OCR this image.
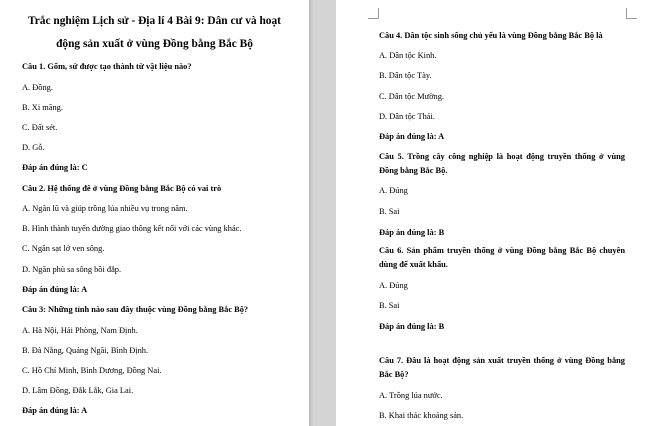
Trắc nghiệm Lịch sử - Địa lí 4 Bài 9: Dân cư và hoạt
động sản xuất ở vùng Đồng bằng Bắc Bộ
Câu 1. Gốm, sứ được tạo thành từ vật liệu nào?
A. Đồng.
B. Xi măng.
C. Đất sét.
D. Gỗ.
Đáp án đúng là: C
Câu 2. Hệ thống đê ở vùng Đồng bằng Bắc Bộ có vai trò
A. Ngăn lũ và giúp trồng lúa nhiều vụ trong năm.
B. Hình thành tuyến đường giao thông kết nối với các vùng khác.
C. Ngăn sạt lở ven sông.
D. Ngăn phù sa sông bồi đắp.
Đáp án đúng là: A
Câu 3: Những tỉnh nào sau đây thuộc vùng Đồng bằng Bắc Bộ?
A. Hà Nội, Hải Phòng, Nam Định.
B. Đà Nẵng, Quảng Ngãi, Bình Định.
C. Hồ Chí Minh, Bình Dương, Đồng Nai.
D. Lâm Đồng, Đắk Lắk, Gia Lai.
Đáp án đúng là: A
Câu 4. Dân tộc sinh sống chủ yếu là vùng Đồng bằng Bắc Bộ là
A. Dân tộc Kinh.
B. Dân tộc Tày.
C. Dân tộc Mường.
D. Dân tộc Thái.
Đáp án đúng là: A
Câu 5. Trồng cây công nghiệp là hoạt động truyền thống ở vùng Đồng bằng Bắc Bộ.
A. Đúng
B. Sai
Đáp án đúng là: B
Câu 6. Sản phẩm truyền thống ở vùng Đồng bằng Bắc Bộ chuyên dùng để xuất khẩu.
A. Đúng
B. Sai
Đáp án đúng là: B
Câu 7. Đâu là hoạt động sản xuất truyền thống ở vùng Đồng bằng Bắc Bộ?
A. Trồng lúa nước.
B. Khai thác khoáng sản.
